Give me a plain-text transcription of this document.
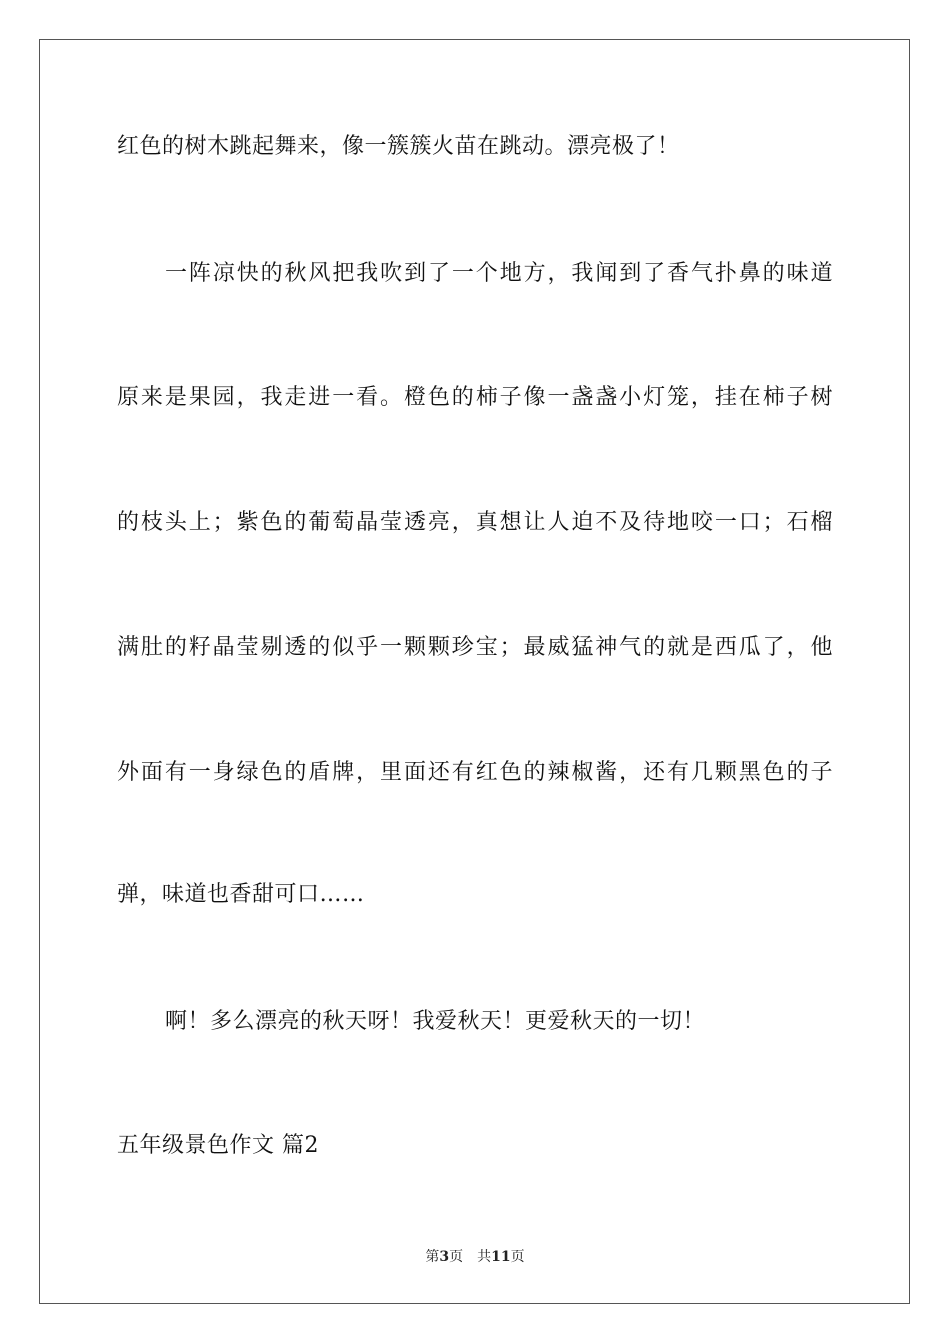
红色的树木跳起舞来，像一簇簇火苗在跳动。漂亮极了！
一阵凉快的秋风把我吹到了一个地方，我闻到了香气扑鼻的味道
原来是果园，我走进一看。橙色的柿子像一盏盏小灯笼，挂在柿子树
的枝头上；紫色的葡萄晶莹透亮，真想让人迫不及待地咬一口；石榴
满肚的籽晶莹剔透的似乎一颗颗珍宝；最威猛神气的就是西瓜了，他
外面有一身绿色的盾牌，里面还有红色的辣椒酱，还有几颗黑色的子
弹，味道也香甜可口……
啊！多么漂亮的秋天呀！我爱秋天！更爱秋天的一切！
五年级景色作文 篇2
第3页 共11页
